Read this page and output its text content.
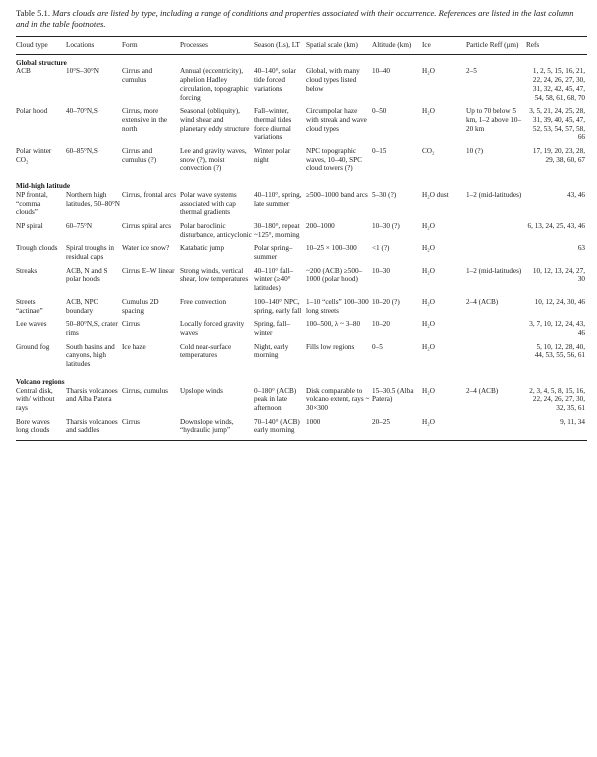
Table 5.1. Mars clouds are listed by type, including a range of conditions and properties associated with their occurrence. References are listed in the last column and in the table footnotes.

Cloud type	Locations	Form	Processes	Season (Ls), LT	Spatial scale (km)	Altitude (km)	Ice	Particle Reff (μm)	Refs
Global structure									
ACB	10°S–30°N	Cirrus and cumulus	Annual (eccentricity), aphelion Hadley circulation, topographic forcing	40–140°, solar tide forced variations	Global, with many cloud types listed below	10–40	H₂O	2–5	1, 2, 5, 15, 16, 21, 22, 24, 26, 27, 30, 31, 32, 42, 45, 47, 54, 58, 61, 68, 70
Polar hood	40–70°N,S	Cirrus, more extensive in the north	Seasonal (obliquity), wind shear and planetary eddy structure	Fall–winter, thermal tides force diurnal variations	Circumpolar haze with streak and wave cloud types	0–50	H₂O	Up to 70 below 5 km, 1–2 above 10–20 km	3, 5, 21, 24, 25, 28, 31, 39, 40, 45, 47, 52, 53, 54, 57, 58, 66
Polar winter CO₂	60–85°N,S	Cirrus and cumulus (?)	Lee and gravity waves, snow (?), moist convection (?)	Winter polar night	NPC topographic waves, 10–40, SPC cloud towers (?)	0–15	CO₂	10 (?)	17, 19, 20, 23, 28, 29, 38, 60, 67
Mid-high latitude									
NP frontal, “comma clouds”	Northern high latitudes, 50–80°N	Cirrus, frontal arcs	Polar wave systems associated with cap thermal gradients	40–110°, spring, late summer	≥500–1000 band arcs	5–30 (?)	H₂O dust	1–2 (mid-latitudes)	43, 46
NP spiral	60–75°N	Cirrus spiral arcs	Polar baroclinic disturbance, anticyclonic	30–180°, repeat ~125°, morning	200–1000	10–30 (?)	H₂O		6, 13, 24, 25, 43, 46
Trough clouds	Spiral troughs in residual caps	Water ice snow?	Katabatic jump	Polar spring–summer	10–25 × 100–300	<1 (?)	H₂O		63
Streaks	ACB, N and S polar hoods	Cirrus E–W linear	Strong winds, vertical shear, low temperatures	40–110° fall–winter (≥40° latitudes)	~200 (ACB) ≥500–1000 (polar hood)	10–30	H₂O	1–2 (mid-latitudes)	10, 12, 13, 24, 27, 30
Streets “actinae”	ACB, NPC boundary	Cumulus 2D spacing	Free convection	100–140° NPC, spring, early fall	1–10 “cells” 100–300 long streets	10–20 (?)	H₂O	2–4 (ACB)	10, 12, 24, 30, 46
Lee waves	50–80°N,S, crater rims	Cirrus	Locally forced gravity waves	Spring, fall–winter	100–500, λ ~ 3–80	10–20	H₂O		3, 7, 10, 12, 24, 43, 46
Ground fog	South basins and canyons, high latitudes	Ice haze	Cold near-surface temperatures	Night, early morning	Fills low regions	0–5	H₂O		5, 10, 12, 28, 40, 44, 53, 55, 56, 61
Volcano regions									
Central disk, with/ without rays	Tharsis volcanoes and Alba Patera	Cirrus, cumulus	Upslope winds	0–180° (ACB) peak in late afternoon	Disk comparable to volcano extent, rays ~ 30×300	15–30.5 (Alba Patera)	H₂O	2–4 (ACB)	2, 3, 4, 5, 8, 15, 16, 22, 24, 26, 27, 30, 32, 35, 61
Bore waves long clouds	Tharsis volcanoes and saddles	Cirrus	Downslope winds, “hydraulic jump”	70–140° (ACB) early morning	1000	20–25	H₂O		9, 11, 34
